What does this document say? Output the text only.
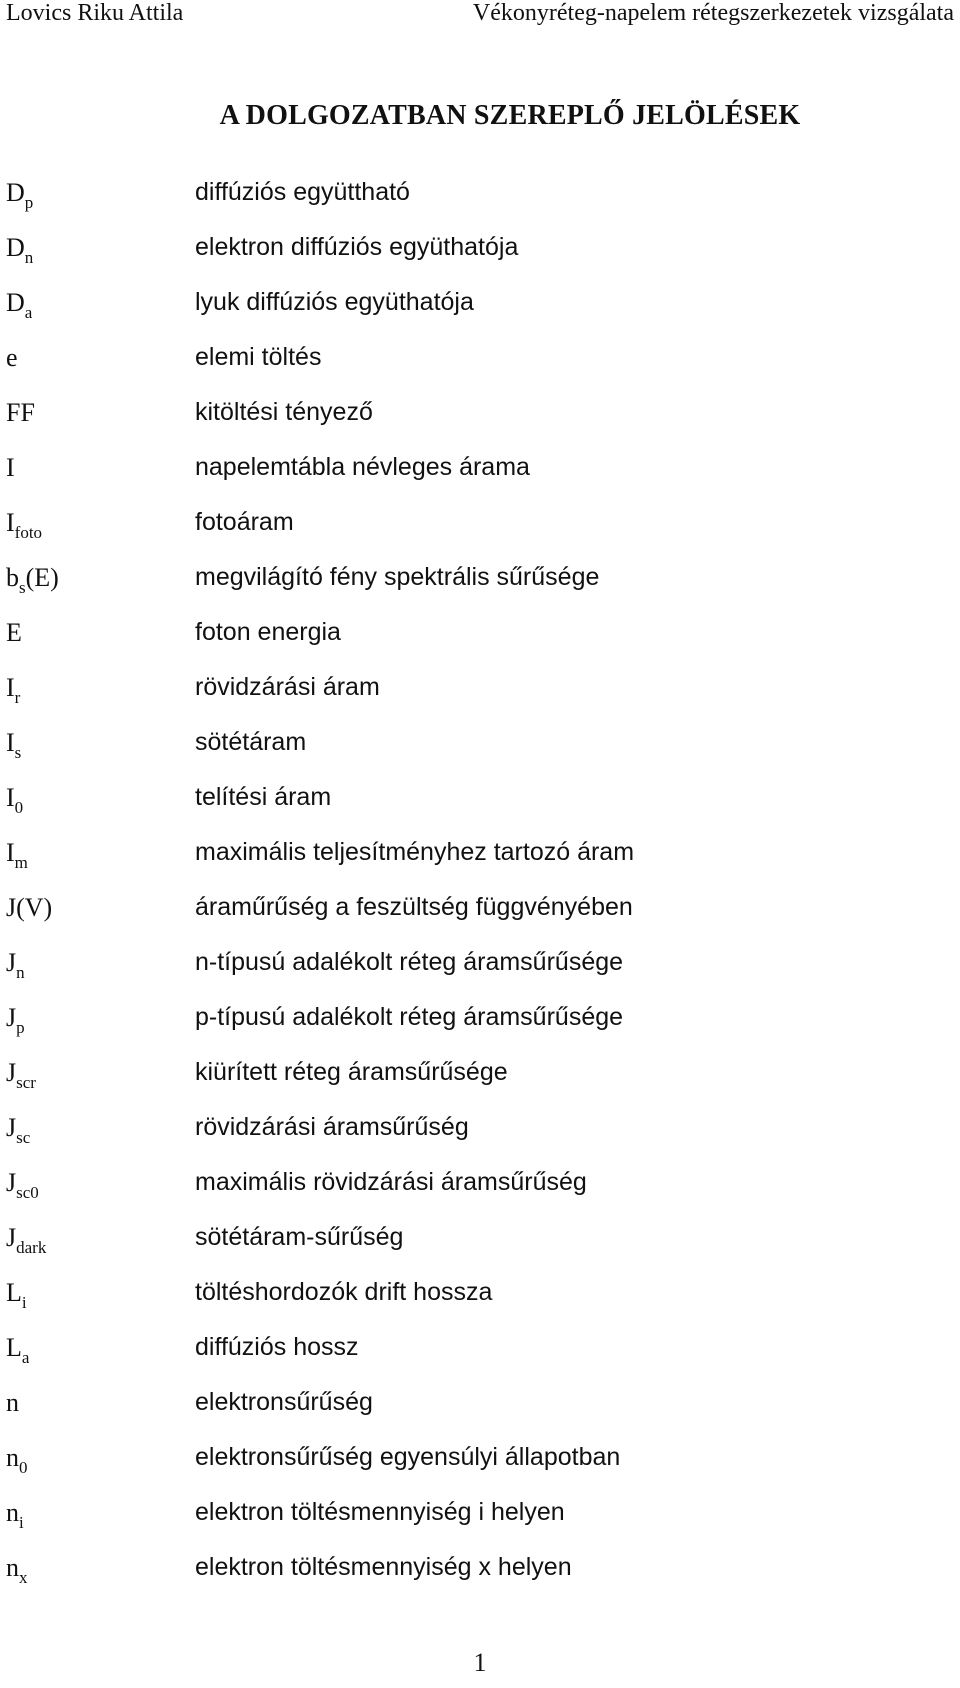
Lovics Riku Attila	Vékonyréteg-napelem rétegszerkezetek vizsgálata
A DOLGOZATBAN SZEREPLŐ JELÖLÉSEK
$D_p$	diffúziós együttható
$D_n$	elektron diffúziós együthatója
$D_a$	lyuk diffúziós együthatója
e	elemi töltés
FF	kitöltési tényező
I	napelemtábla névleges árama
$I_{foto}$	fotoáram
$b_s(E)$	megvilágító fény spektrális sűrűsége
E	foton energia
$I_r$	rövidzárási áram
$I_s$	sötétáram
$I_0$	telítési áram
$I_m$	maximális teljesítményhez tartozó áram
J(V)	áraműrűség a feszültség függvényében
$J_n$	n-típusú adalékolt réteg áramsűrűsége
$J_p$	p-típusú adalékolt réteg áramsűrűsége
$J_{scr}$	kiürített réteg áramsűrűsége
$J_{sc}$	rövidzárási áramsűrűség
$J_{sc0}$	maximális rövidzárási áramsűrűség
$J_{dark}$	sötétáram-sűrűség
$L_i$	töltéshordozók drift hossza
$L_a$	diffúziós hossz
n	elektronsűrűség
$n_0$	elektronsűrűség egyensúlyi állapotban
$n_i$	elektron töltésmennyiség i helyen
$n_x$	elektron töltésmennyiség x helyen
1
